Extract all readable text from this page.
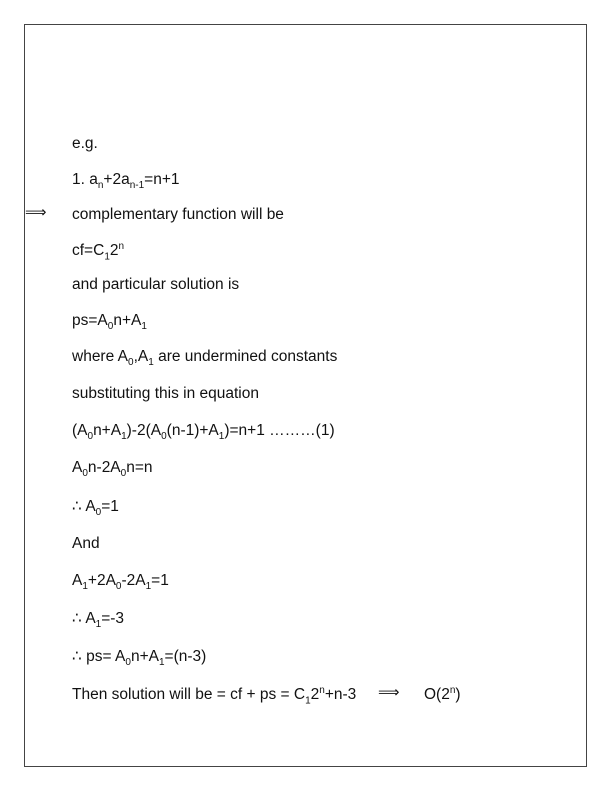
e.g.
1. $a_n+2a_{n-1}=n+1$
⟹ complementary function will be
$cf=C_12^n$
and particular solution is
$ps=A_0n+A_1$
where $A_0,A_1$ are undermined constants
substituting this in equation
$(A_0n+A_1)-2(A_0(n-1)+A_1)=n+1$ ………(1)
$A_0n-2A_0n=n$
∴ $A_0=1$
And
$A_1+2A_0-2A_1=1$
∴ $A_1=-3$
∴ $ps= A_0n+A_1=(n-3)$
Then solution will be = cf + ps = $C_12^n+n-3$ ⟹ O(2$^n$)
